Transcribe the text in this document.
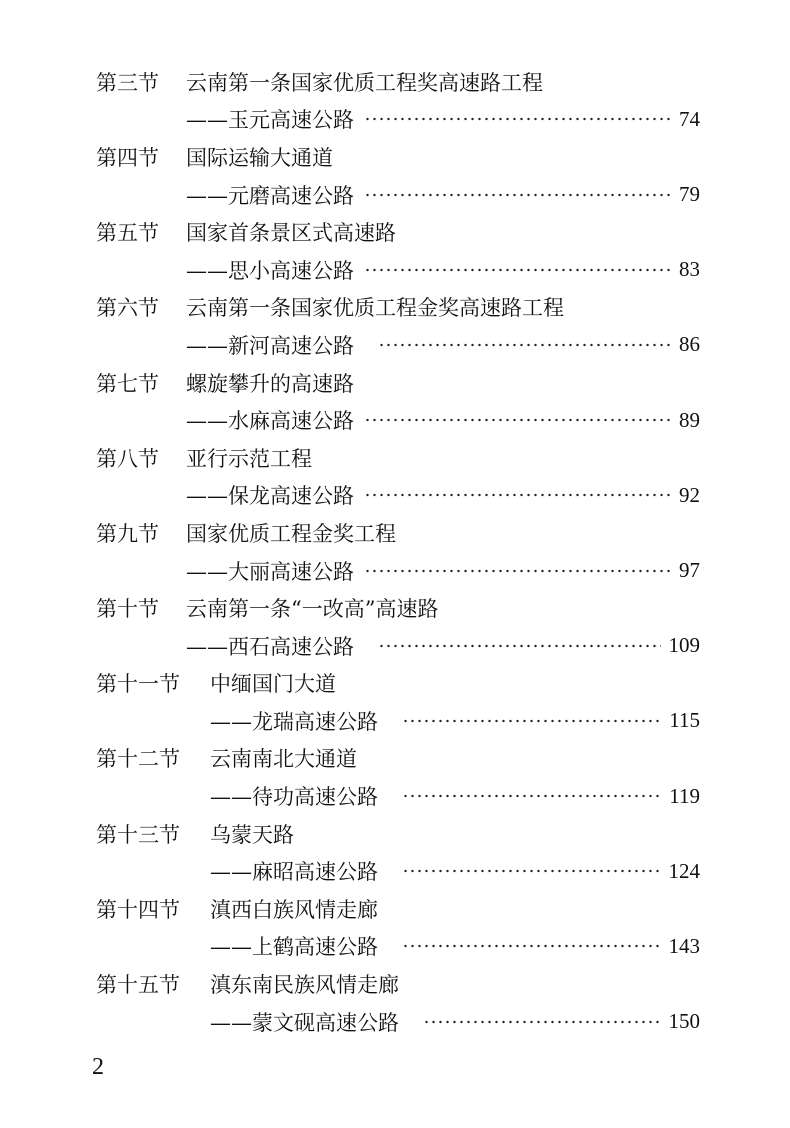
第三节	云南第一条国家优质工程奖高速路工程
——玉元高速公路	74
第四节	国际运输大通道
——元磨高速公路	79
第五节	国家首条景区式高速路
——思小高速公路	83
第六节	云南第一条国家优质工程金奖高速路工程
——新河高速公路	86
第七节	螺旋攀升的高速路
——水麻高速公路	89
第八节	亚行示范工程
——保龙高速公路	92
第九节	国家优质工程金奖工程
——大丽高速公路	97
第十节	云南第一条“一改高”高速路
——西石高速公路	109
第十一节	中缅国门大道
——龙瑞高速公路	115
第十二节	云南南北大通道
——待功高速公路	119
第十三节	乌蒙天路
——麻昭高速公路	124
第十四节	滇西白族风情走廊
——上鹤高速公路	143
第十五节	滇东南民族风情走廊
——蒙文砚高速公路	150
2
